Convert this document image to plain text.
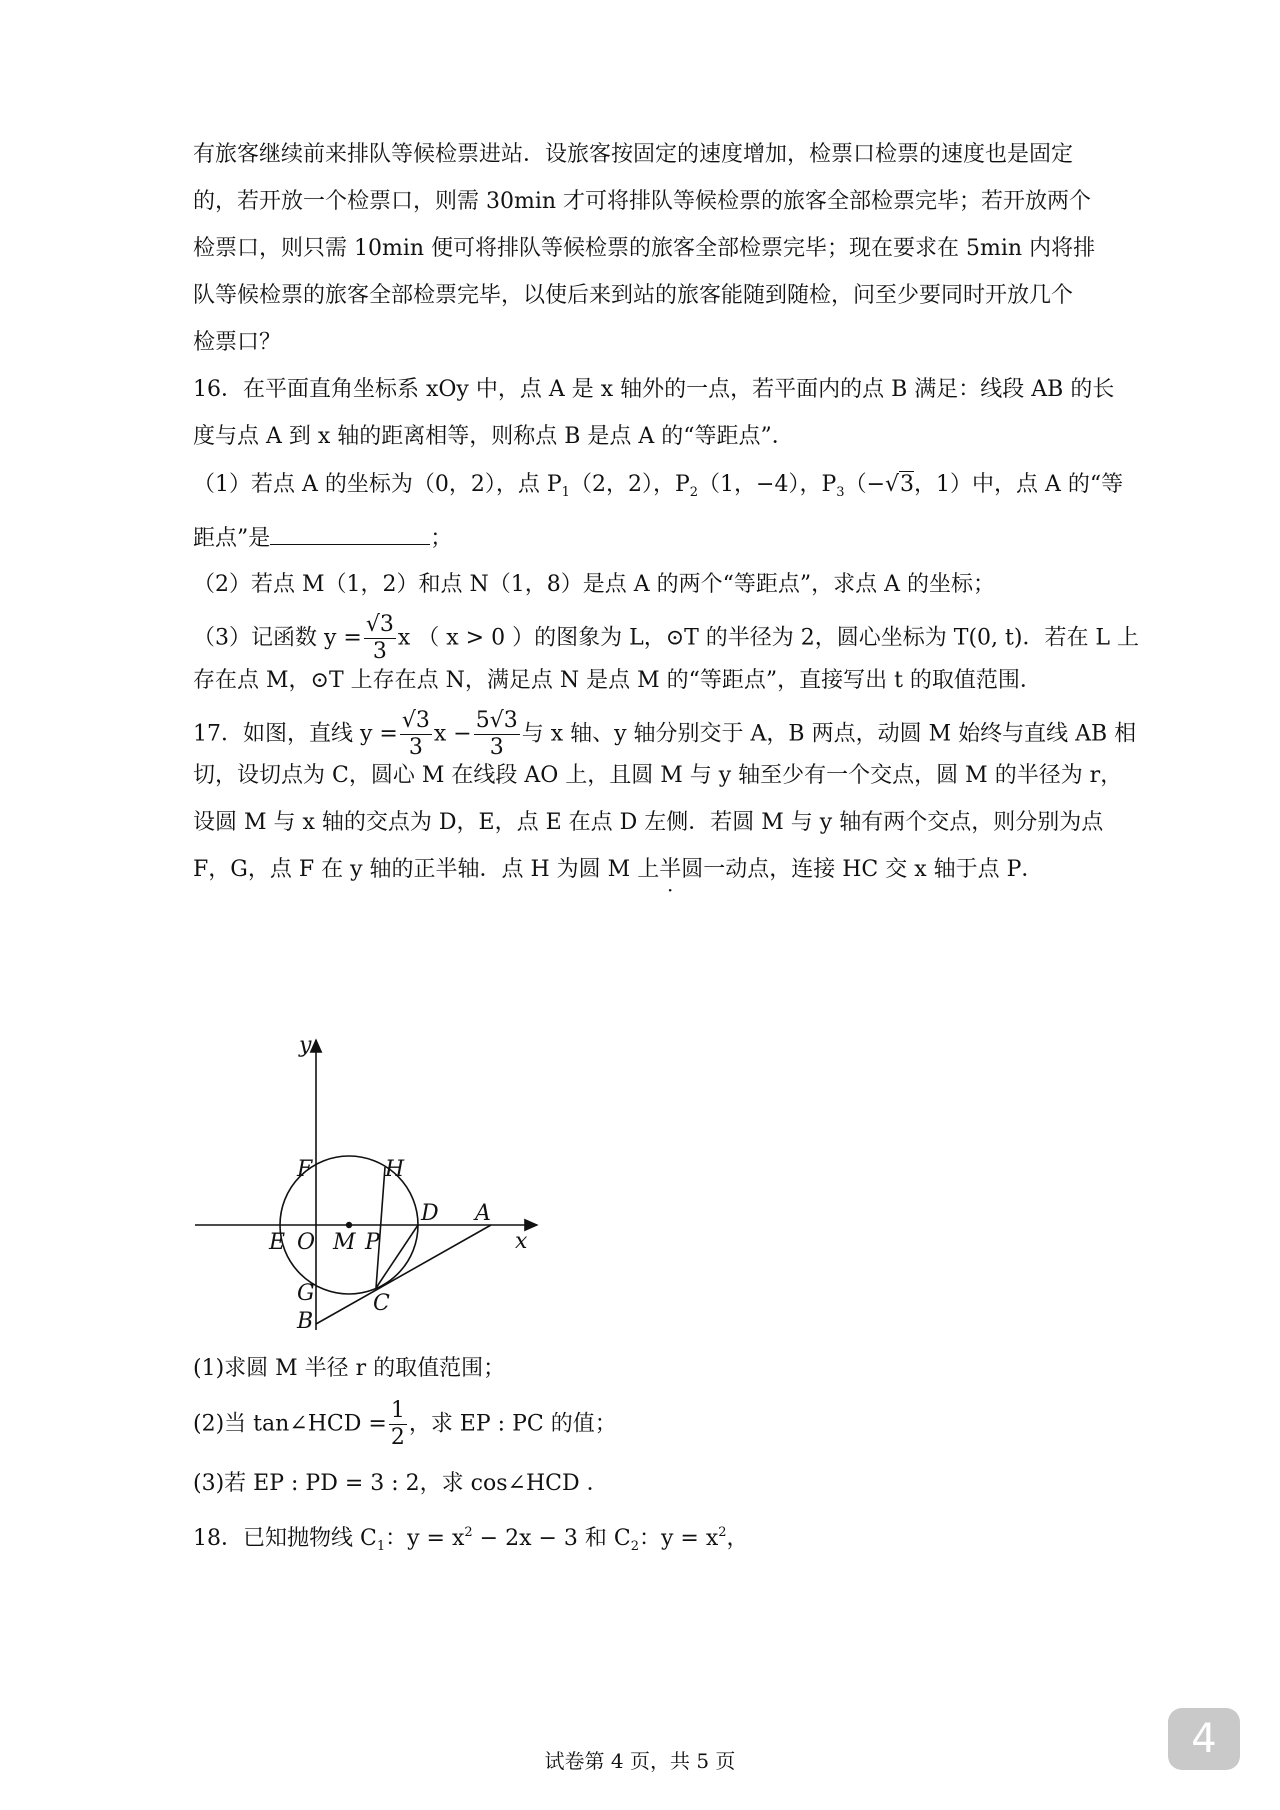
有旅客继续前来排队等候检票进站．设旅客按固定的速度增加，检票口检票的速度也是固定
的，若开放一个检票口，则需 30min 才可将排队等候检票的旅客全部检票完毕；若开放两个
检票口，则只需 10min 便可将排队等候检票的旅客全部检票完毕；现在要求在 5min 内将排
队等候检票的旅客全部检票完毕，以使后来到站的旅客能随到随检，问至少要同时开放几个
检票口？
16．在平面直角坐标系 xOy 中，点 A 是 x 轴外的一点，若平面内的点 B 满足：线段 AB 的长
度与点 A 到 x 轴的距离相等，则称点 B 是点 A 的“等距点”．
（1）若点 A 的坐标为（0，2），点 $P_1(2$，2），$P_2(1$，−4），$P_3(-√3$，1）中，点 A 的“等
距点”是	；
（2）若点 M（1，2）和点 N（1，8）是点 A 的两个“等距点”，求点 A 的坐标；
（3）记函数 $y = \frac{√3}{3}$ x （ x > 0 ）的图象为 L，⊙T 的半径为 2，圆心坐标为 T(0, t)．若在 L 上
存在点 M，⊙T 上存在点 N，满足点 N 是点 M 的“等距点”，直接写出 t 的取值范围．
17．如图，直线 $y = \frac{√3}{3}$ $x - \frac{5√3}{3}$ 与 x 轴、y 轴分别交于 A，B 两点，动圆 M 始终与直线 AB 相
切，设切点为 C，圆心 M 在线段 AO 上，且圆 M 与 y 轴至少有一个交点，圆 M 的半径为 r，
设圆 M 与 x 轴的交点为 D，E，点 E 在点 D 左侧．若圆 M 与 y 轴有两个交点，则分别为点
F，G，点 F 在 y 轴的正半轴．点 H 为圆 M 上半圆一动点，连接 HC 交 x 轴于点 P．
y
x
F	H
D A
E O M P
G	C
B
(1)求圆 M 半径 r 的取值范围；
(2)当 tan∠HCD = $\frac{1}{2}$ ，求 EP : PC 的值；
(3)若 EP : PD = 3 : 2，求 cos∠HCD ．
18．已知抛物线 $C_1$：$y = x^2 - 2x - 3$ 和 $C_2$：$y = x^2$，
试卷第 4 页，共 5 页	4
